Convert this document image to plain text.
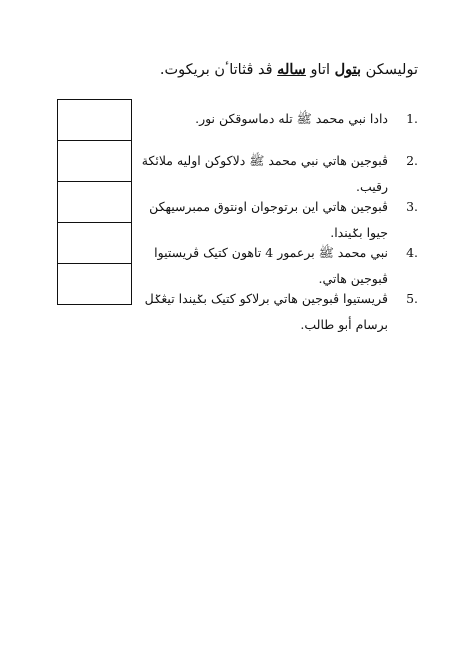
توليسکن بتول اتاو ساله ڤد ڤثاتاٴن بريکوت.
1.
دادا نبي محمد ﷺ تله دماسوقکن نور.
2.
ڤبوجين هاتي نبي محمد ﷺ دلاکوکن اوليه ملائکة رقيب.
3.
ڤبوجين هاتي اين برتوجوان اونتوق ممبرسيهکن جيوا بݢيندا.
4.
نبي محمد ﷺ برعمور 4 تاهون کتيک ڤريستيوا ڤبوجين هاتي.
5.
ڤريستيوا ڤبوجين هاتي برلاکو کتيک بݢيندا تيڠݢل برسام أبو طالب.
